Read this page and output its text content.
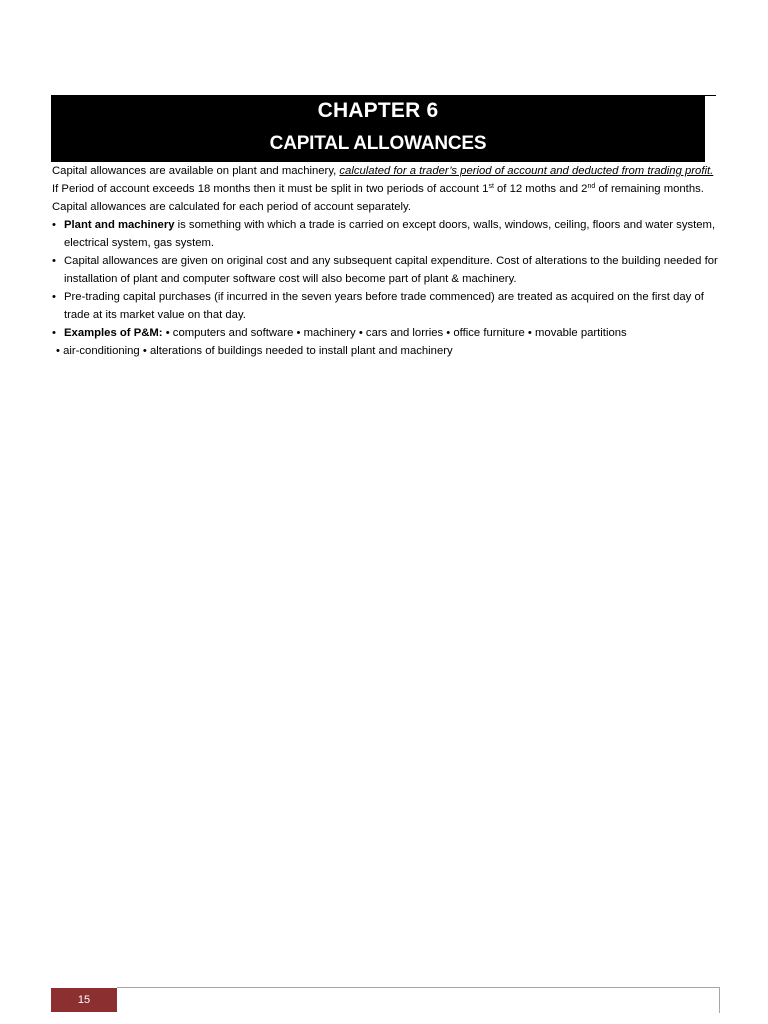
CHAPTER 6
CAPITAL ALLOWANCES

Capital allowances are available on plant and machinery, calculated for a trader’s period of account and deducted from trading profit. If Period of account exceeds 18 months then it must be split in two periods of account 1st of 12 moths and 2nd of remaining months. Capital allowances are calculated for each period of account separately.

• Plant and machinery is something with which a trade is carried on except doors, walls, windows, ceiling, floors and water system, electrical system, gas system.
• Capital allowances are given on original cost and any subsequent capital expenditure. Cost of alterations to the building needed for installation of plant and computer software cost will also become part of plant & machinery.
• Pre-trading capital purchases (if incurred in the seven years before trade commenced) are treated as acquired on the first day of trade at its market value on that day.
• Examples of P&M: • computers and software • machinery • cars and lorries • office furniture • movable partitions
• air-conditioning • alterations of buildings needed to install plant and machinery
15
